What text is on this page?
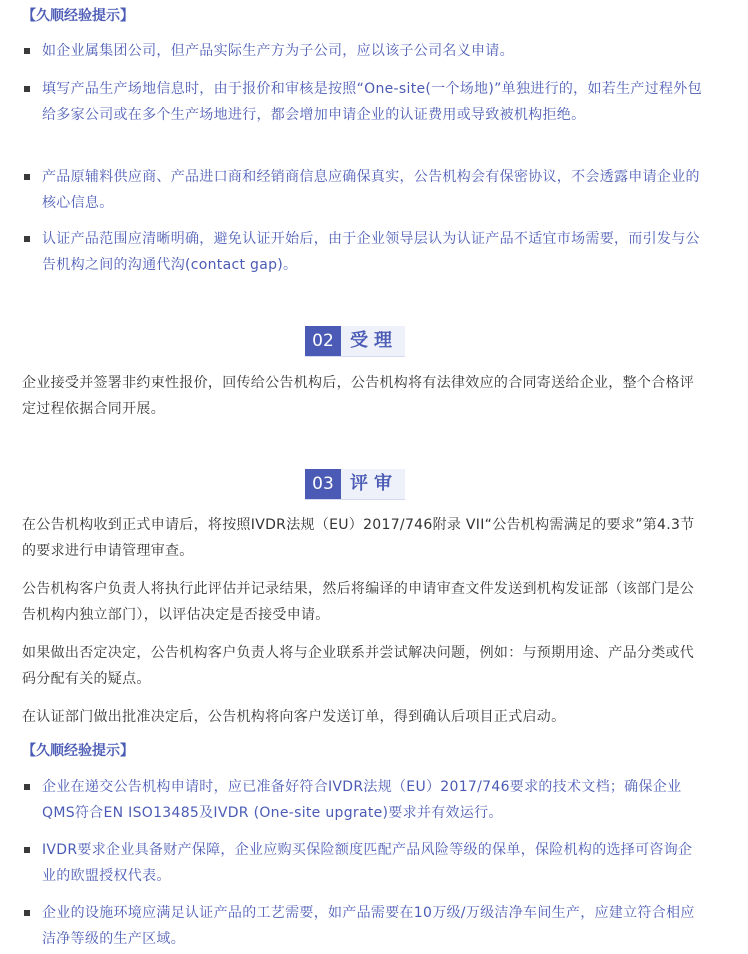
【久顺经验提示】
如企业属集团公司，但产品实际生产方为子公司，应以该子公司名义申请。
填写产品生产场地信息时，由于报价和审核是按照“One-site(一个场地)”单独进行的，如若生产过程外包给多家公司或在多个生产场地进行，都会增加申请企业的认证费用或导致被机构拒绝。
产品原辅料供应商、产品进口商和经销商信息应确保真实，公告机构会有保密协议，不会透露申请企业的核心信息。
认证产品范围应清晰明确，避免认证开始后，由于企业领导层认为认证产品不适宜市场需要，而引发与公告机构之间的沟通代沟(contact gap)。
02 受理
企业接受并签署非约束性报价，回传给公告机构后，公告机构将有法律效应的合同寄送给企业，整个合格评定过程依据合同开展。
03 评审
在公告机构收到正式申请后，将按照IVDR法规（EU）2017/746附录 VII“公告机构需满足的要求”第4.3节的要求进行申请管理审查。
公告机构客户负责人将执行此评估并记录结果，然后将编译的申请审查文件发送到机构发证部（该部门是公告机构内独立部门），以评估决定是否接受申请。
如果做出否定决定，公告机构客户负责人将与企业联系并尝试解决问题，例如：与预期用途、产品分类或代码分配有关的疑点。
在认证部门做出批准决定后，公告机构将向客户发送订单，得到确认后项目正式启动。
【久顺经验提示】
企业在递交公告机构申请时，应已准备好符合IVDR法规（EU）2017/746要求的技术文档；确保企业QMS符合EN ISO13485及IVDR (One-site upgrate)要求并有效运行。
IVDR要求企业具备财产保障，企业应购买保险额度匹配产品风险等级的保单，保险机构的选择可咨询企业的欧盟授权代表。
企业的设施环境应满足认证产品的工艺需要，如产品需要在10万级/万级洁净车间生产，应建立符合相应洁净等级的生产区域。
